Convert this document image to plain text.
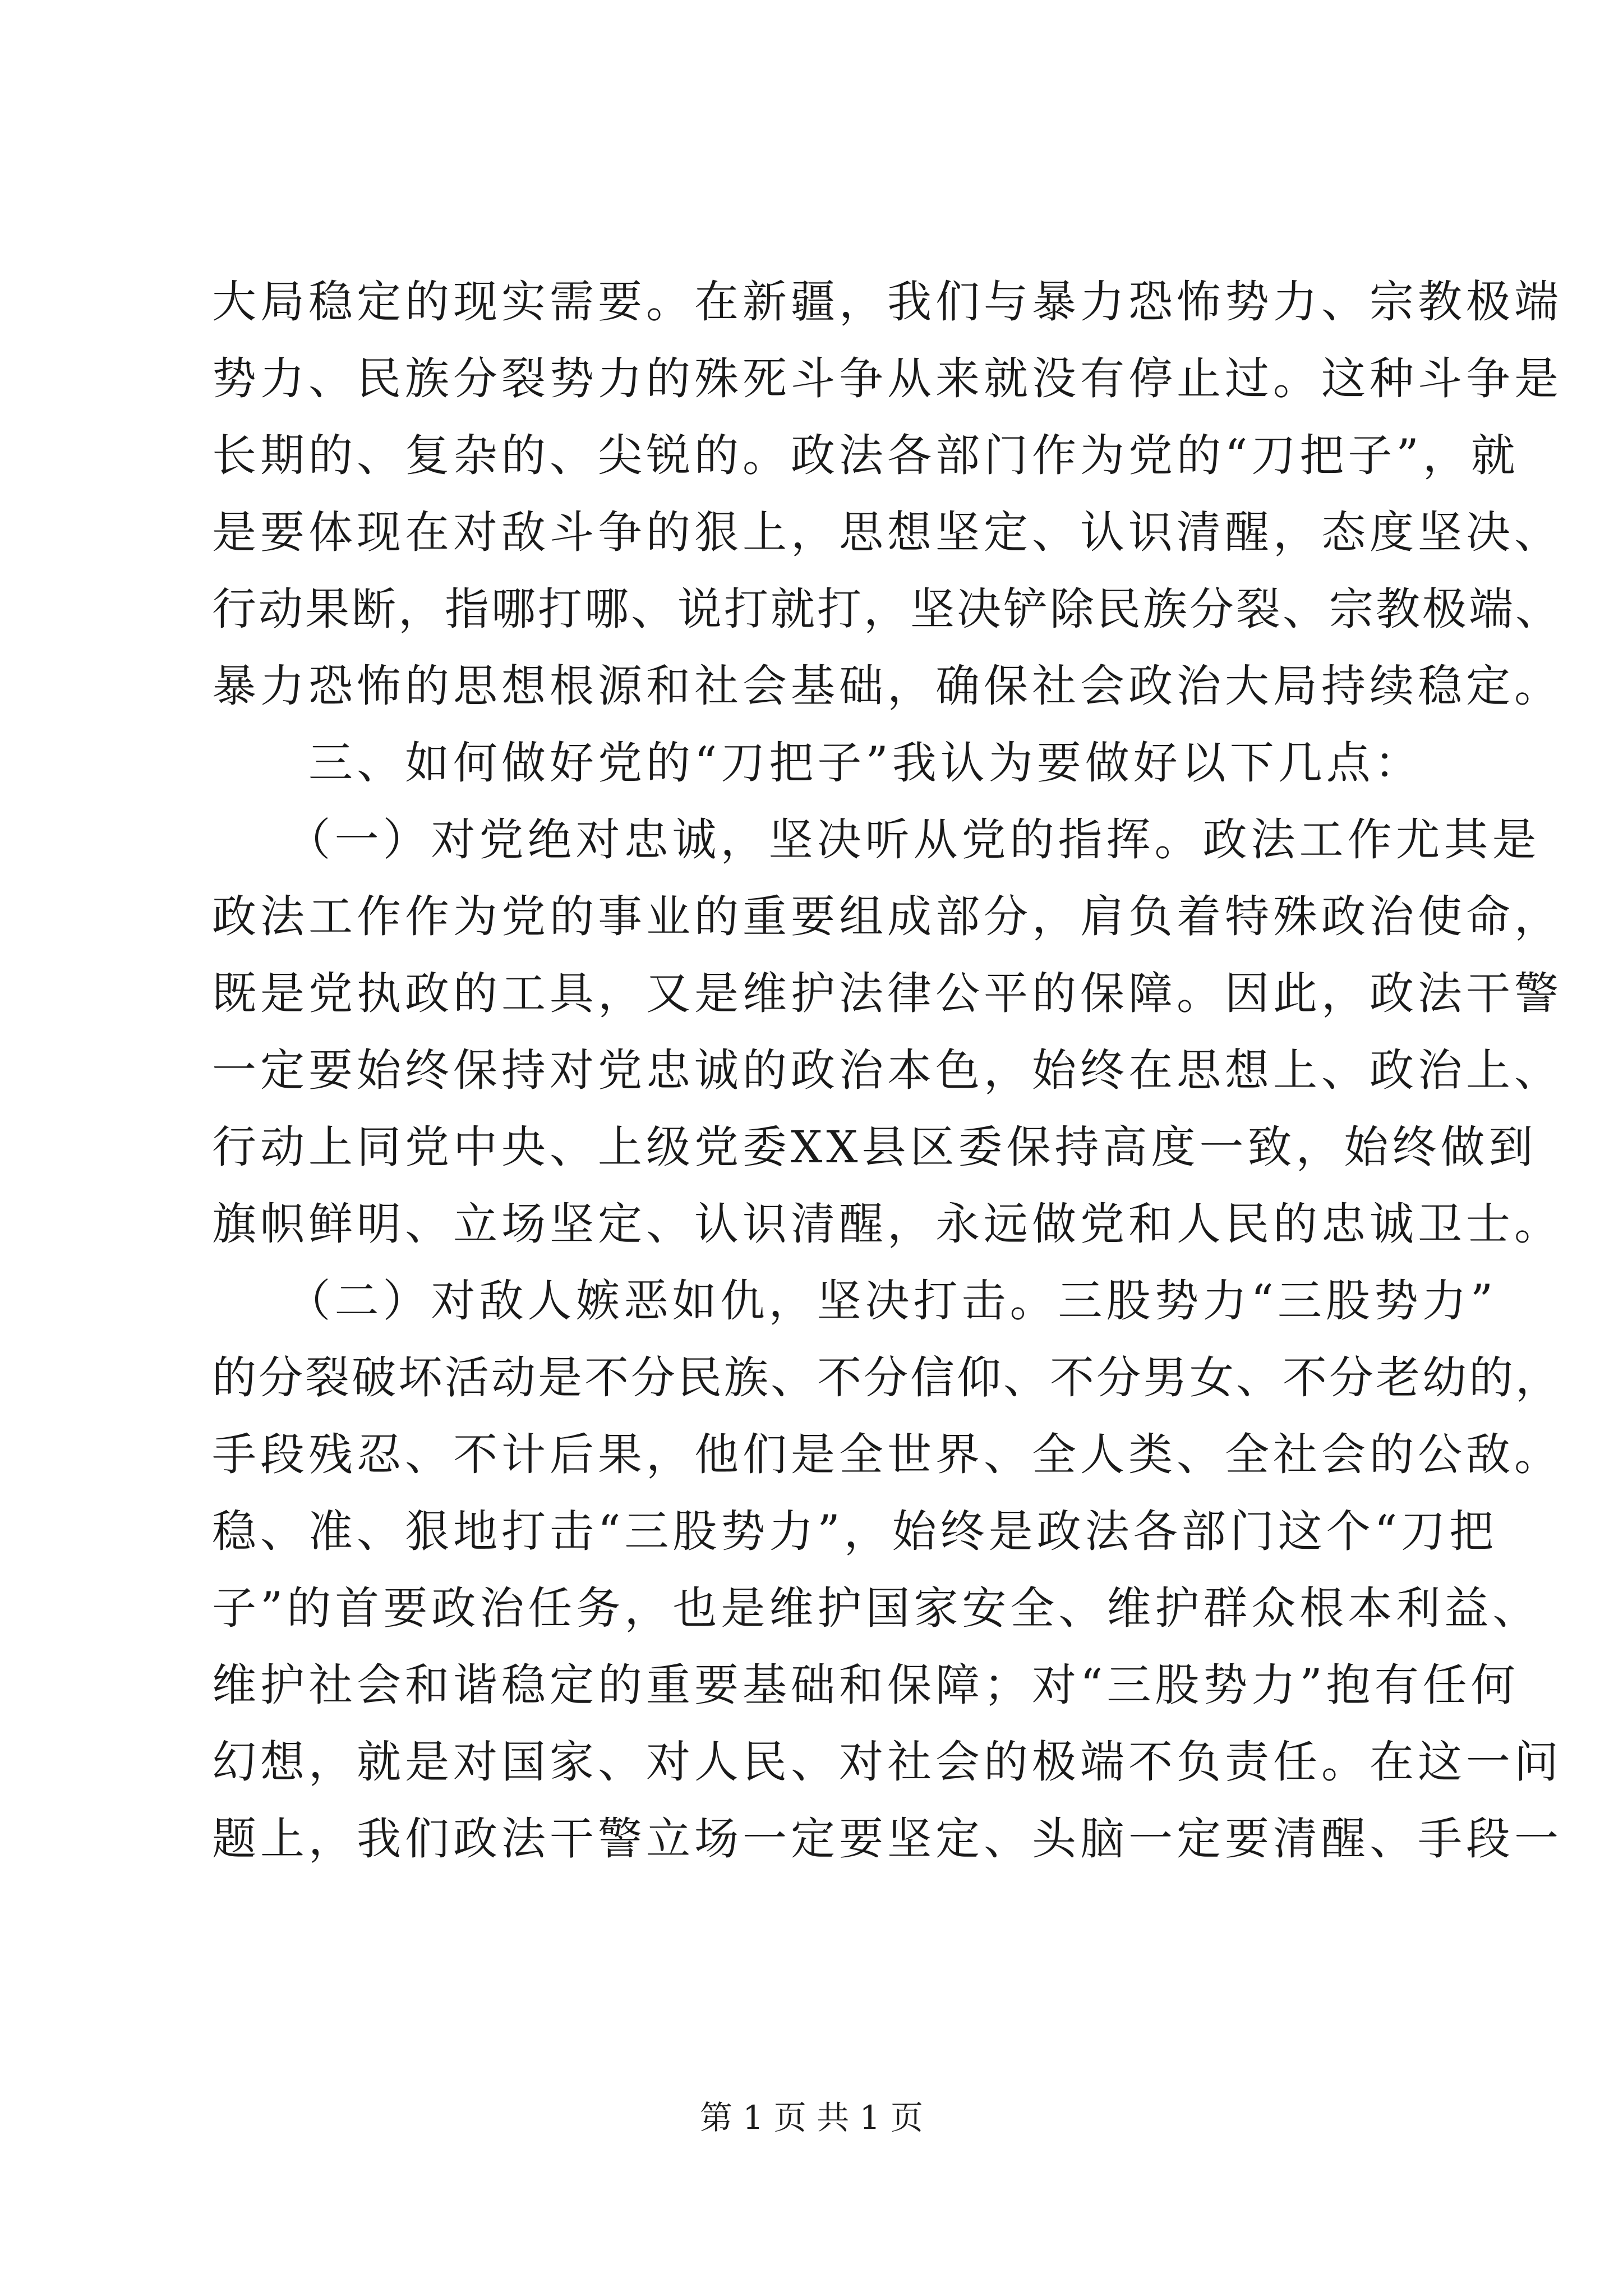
大局稳定的现实需要。在新疆，我们与暴力恐怖势力、宗教极端

势力、民族分裂势力的殊死斗争从来就没有停止过。这种斗争是

长期的、复杂的、尖锐的。政法各部门作为党的“刀把子”，就

是要体现在对敌斗争的狠上，思想坚定、认识清醒，态度坚决、

行动果断，指哪打哪、说打就打，坚决铲除民族分裂、宗教极端、

暴力恐怖的思想根源和社会基础，确保社会政治大局持续稳定。

　　三、如何做好党的“刀把子”我认为要做好以下几点：

　　（一）对党绝对忠诚，坚决听从党的指挥。政法工作尤其是

政法工作作为党的事业的重要组成部分，肩负着特殊政治使命，

既是党执政的工具，又是维护法律公平的保障。因此，政法干警

一定要始终保持对党忠诚的政治本色，始终在思想上、政治上、

行动上同党中央、上级党委XX县区委保持高度一致，始终做到

旗帜鲜明、立场坚定、认识清醒，永远做党和人民的忠诚卫士。

　　（二）对敌人嫉恶如仇，坚决打击。三股势力“三股势力”

的分裂破坏活动是不分民族、不分信仰、不分男女、不分老幼的，

手段残忍、不计后果，他们是全世界、全人类、全社会的公敌。

稳、准、狠地打击“三股势力”，始终是政法各部门这个“刀把

子”的首要政治任务，也是维护国家安全、维护群众根本利益、

维护社会和谐稳定的重要基础和保障；对“三股势力”抱有任何

幻想，就是对国家、对人民、对社会的极端不负责任。在这一问

题上，我们政法干警立场一定要坚定、头脑一定要清醒、手段一

第 1 页 共 1 页
